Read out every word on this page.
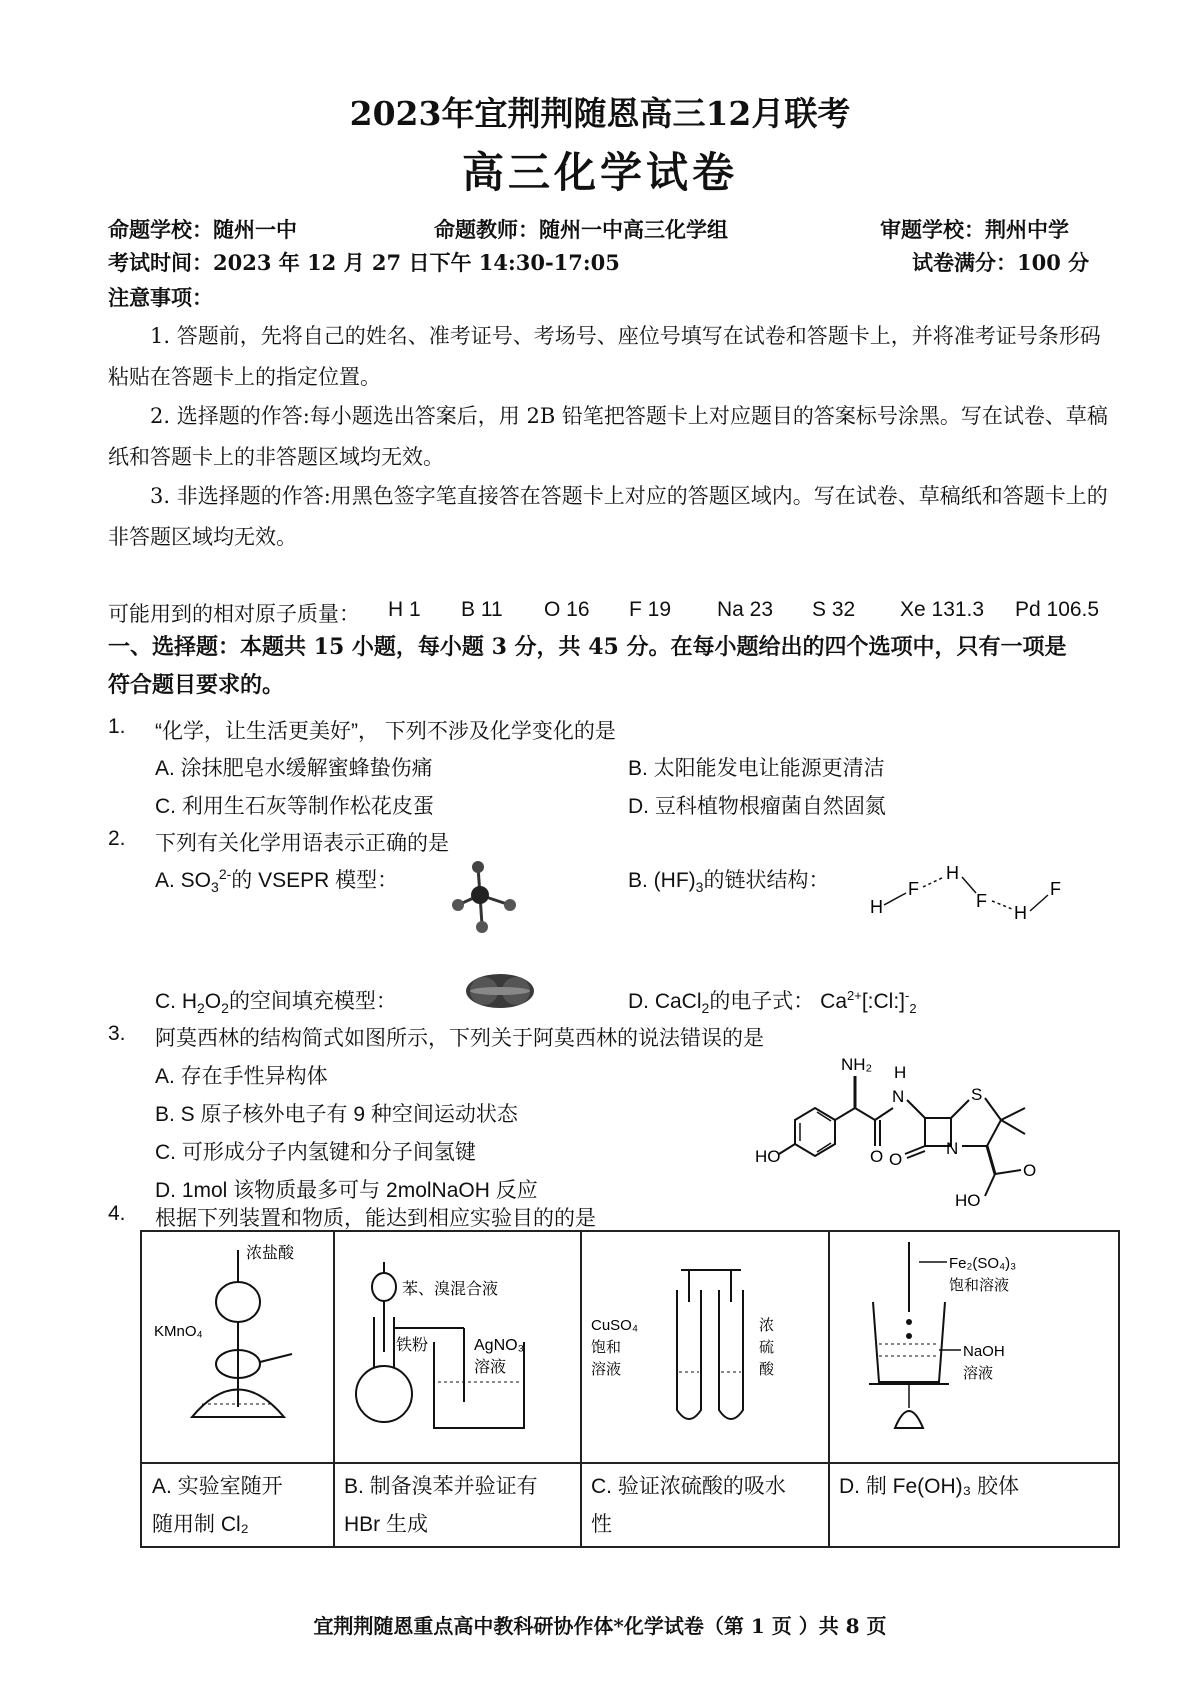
2023年宜荆荆随恩高三12月联考
高三化学试卷
命题学校：随州一中	命题教师：随州一中高三化学组	审题学校：荆州中学
考试时间：2023 年 12 月 27 日下午 14:30-17:05	试卷满分：100 分
注意事项：
1. 答题前，先将自己的姓名、准考证号、考场号、座位号填写在试卷和答题卡上，并将准考证号条形码粘贴在答题卡上的指定位置。
2. 选择题的作答:每小题选出答案后，用 2B 铅笔把答题卡上对应题目的答案标号涂黑。写在试卷、草稿纸和答题卡上的非答题区域均无效。
3. 非选择题的作答:用黑色签字笔直接答在答题卡上对应的答题区域内。写在试卷、草稿纸和答题卡上的非答题区域均无效。
可能用到的相对原子质量： H 1 B 11 O 16 F 19 Na 23 S 32 Xe 131.3 Pd 106.5
一、选择题：本题共 15 小题，每小题 3 分，共 45 分。在每小题给出的四个选项中，只有一项是
符合题目要求的。
1.	“化学，让生活更美好”， 下列不涉及化学变化的是
A. 涂抹肥皂水缓解蜜蜂蛰伤痛	B. 太阳能发电让能源更清洁
C. 利用生石灰等制作松花皮蛋	D. 豆科植物根瘤菌自然固氮
2.	下列有关化学用语表示正确的是
A. $SO_3^{2-}$的 VSEPR 模型：	B. $(HF)_3$的链状结构：
H
F
H
F
H
F
C. $H_2O_2$的空间填充模型：	D. CaCl$_2$的电子式： $Ca^{2+}[:Cl:]^-_2$
3.	阿莫西林的结构简式如图所示，下列关于阿莫西林的说法错误的是
A. 存在手性异构体
B. S 原子核外电子有 9 种空间运动状态
C. 可形成分子内氢键和分子间氢键
D. 1mol 该物质最多可与 2molNaOH 反应
HO
NH₂
O
N
H
O
N
S
O
HO
4.	根据下列装置和物质，能达到相应实验目的的是
浓盐酸
KMnO₄
苯、溴混合液
铁粉	AgNO₃
溶液
CuSO₄
饱和
溶液
浓
硫
酸
Fe₂(SO₄)₃
饱和溶液
NaOH
溶液
A. 实验室随开
随用制 Cl₂
B. 制备溴苯并验证有
HBr 生成
C. 验证浓硫酸的吸水
性
D. 制 Fe(OH)₃ 胶体
宜荆荆随恩重点高中教科研协作体*化学试卷（第 1 页 ）共 8 页
